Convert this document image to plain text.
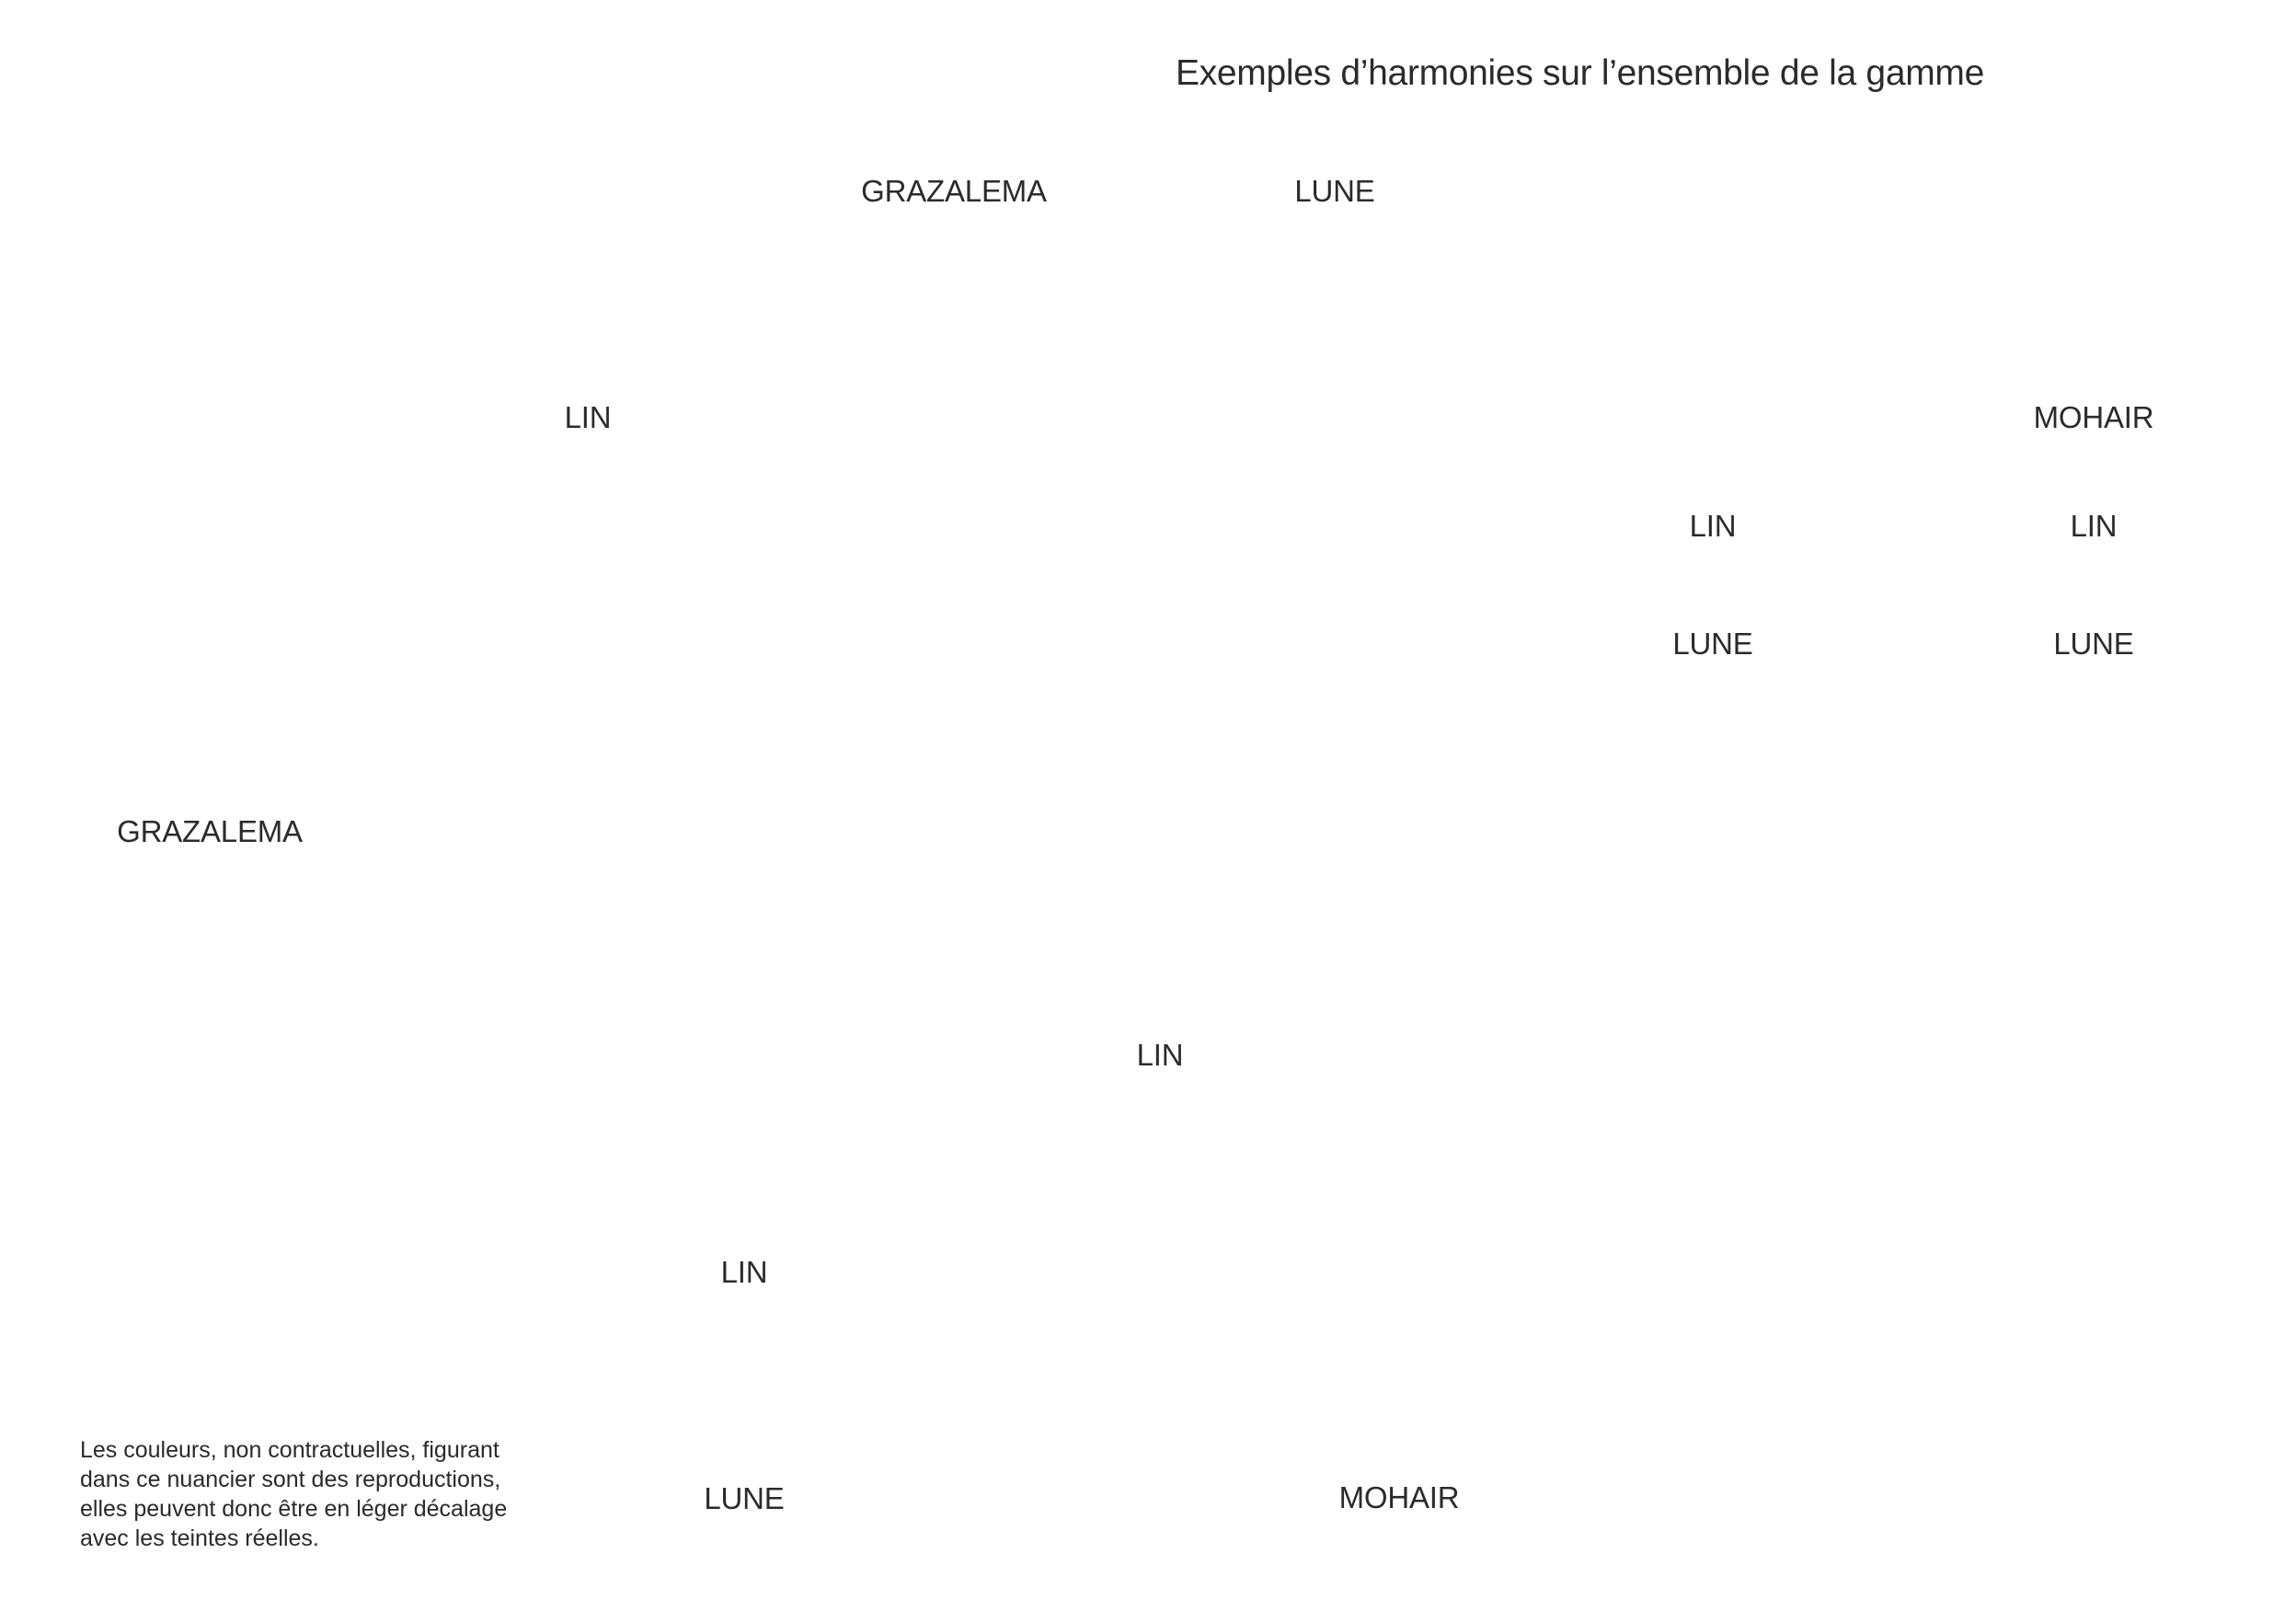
Exemples d’harmonies sur l’ensemble de la gamme
GRAZALEMA	LUNE
LIN	MOHAIR
LIN	LIN
LUNE	LUNE
GRAZALEMA
LIN
LIN
LUNE	MOHAIR
Les couleurs, non contractuelles, figurant
dans ce nuancier sont des reproductions,
elles peuvent donc être en léger décalage
avec les teintes réelles.
